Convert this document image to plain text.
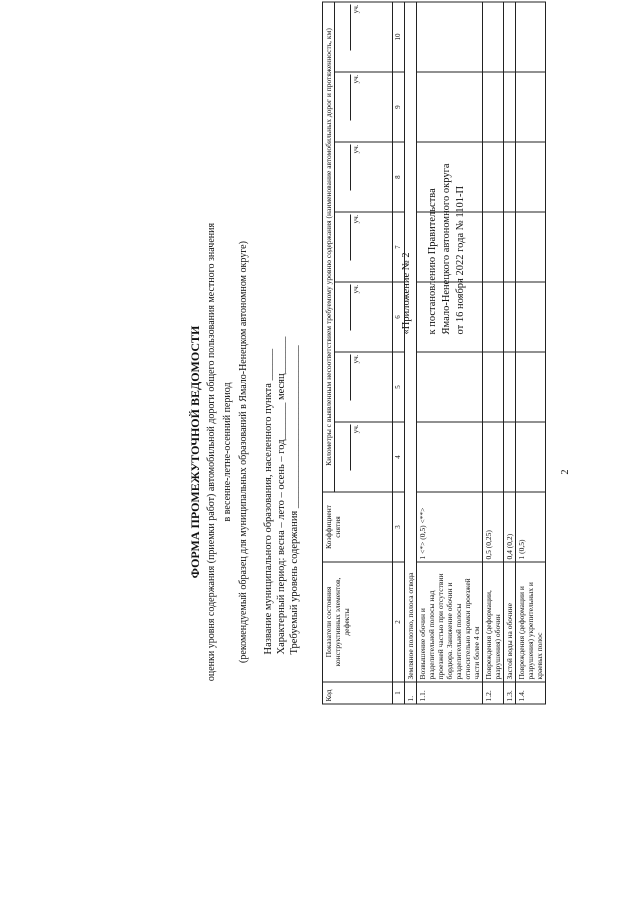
2
«Приложение № 2 к постановлению Правительства Ямало-Ненецкого автономного округа от 16 ноября 2022 года № 1101-П
ФОРМА ПРОМЕЖУТОЧНОЙ ВЕДОМОСТИ оценки уровня содержания (приемки работ) автомобильной дороги общего пользования местного значения в весенне-летне-осенний период (рекомендуемый образец для муниципальных образований в Ямало-Ненецком автономном округе) Название муниципального образования, населенного пункта ______ Характерный период: весна – лето – осень – год_______ месяц_______ Требуемый уровень содержания _______________________________
Код	Показатели состояния конструктивных элементов, дефекты	Коэффициент снятия	Километры с выявленным несоответствием требуемому уровню содержания (наименование автомобильных дорог и протяженность, км)						

			уч.	уч.	уч.	уч.	уч.	уч.	уч.

1	2	3	4	5	6	7	8	9	10
1.	Земляное полотно, полоса отвода								
1.1.	Возвышение обочин и разделительной полосы над проезжей частью при отсутствии бордюра. Занижение обочин и разделительной полосы относительно кромки проезжей части более 4 см	1 <*> (0,5) <**>							
1.2.	Повреждения (деформации, разрушения) обочин	0,5 (0,25)							
1.3.	Застой воды на обочине	0,4 (0,2)							
1.4.	Повреждения (деформации и разрушения) укрепительных и краевых полос	1 (0,5)							
